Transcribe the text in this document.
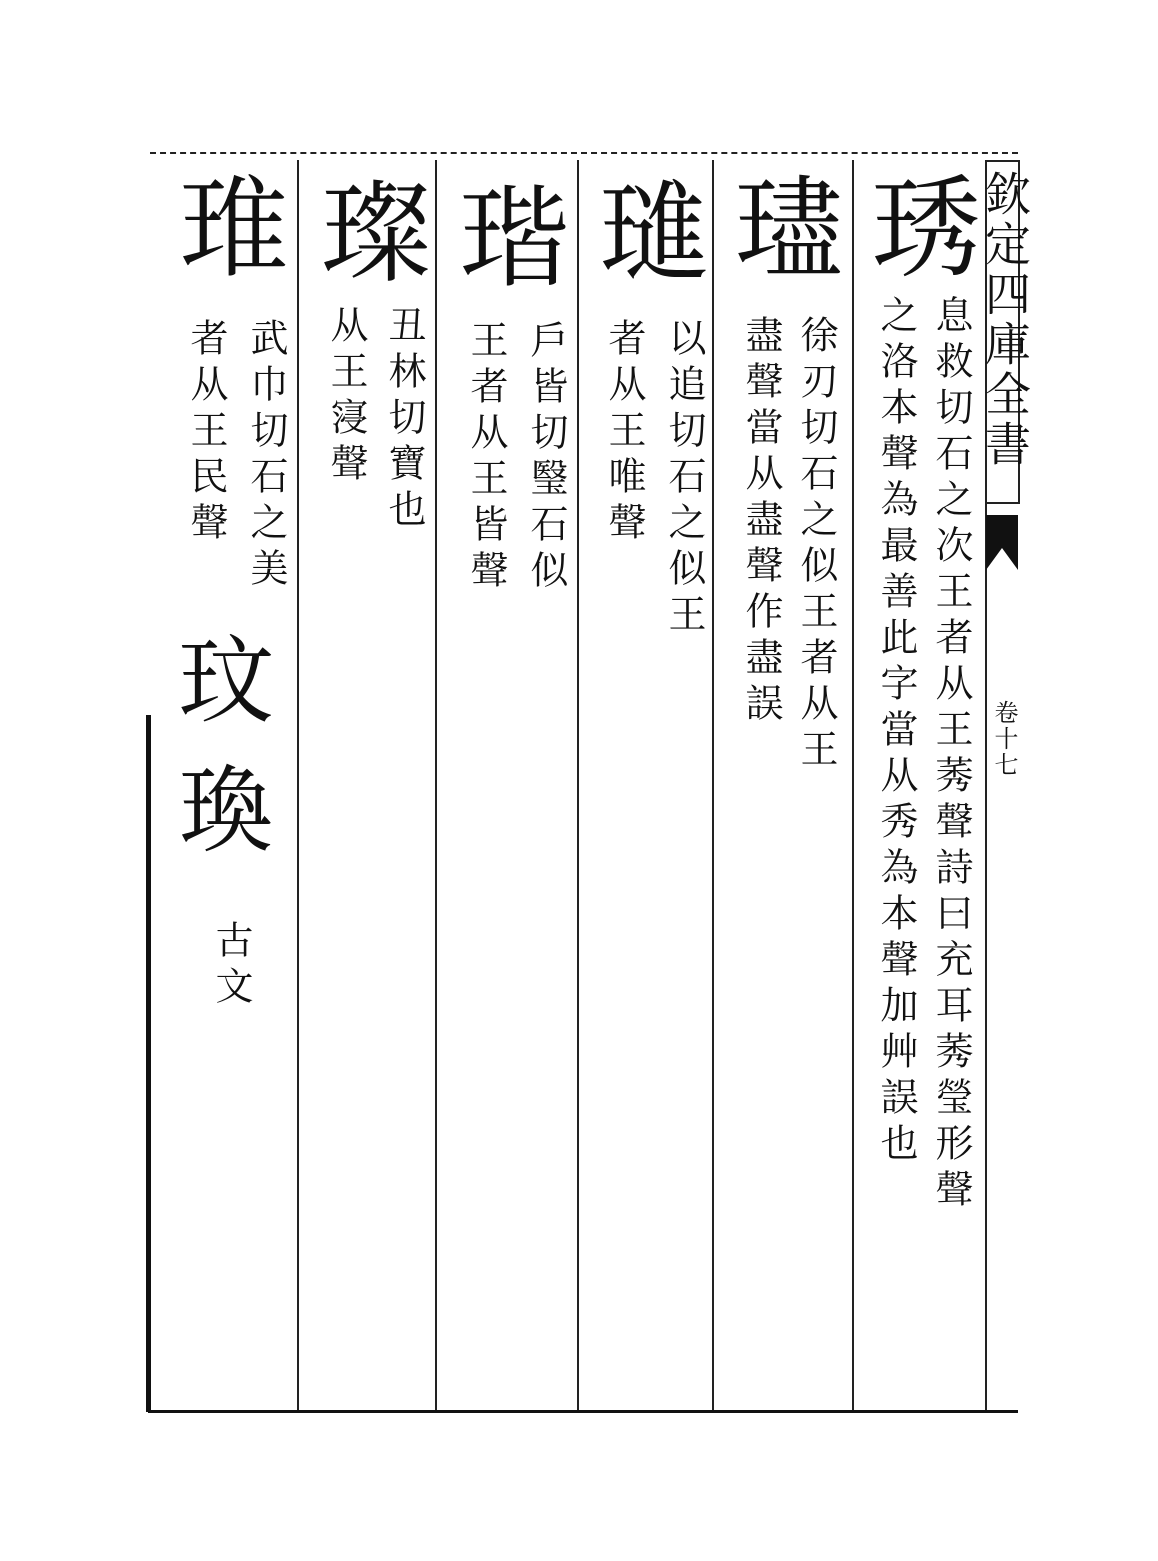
欽定四庫全書
卷十七
琇
息救切石之次王者从王莠聲詩曰充耳莠瑩形聲
之洛本聲為最善此字當从秀為本聲加艸誤也
璶
徐刃切石之似王者从王
盡聲當从盡聲作盡誤
璡
以追切石之似王
者从王唯聲
瑎
戶皆切瑿石似
王者从王皆聲
璨
丑林切寶也
从王寖聲
琟
武巾切石之美
者从王民聲
玟
瑍
古文
